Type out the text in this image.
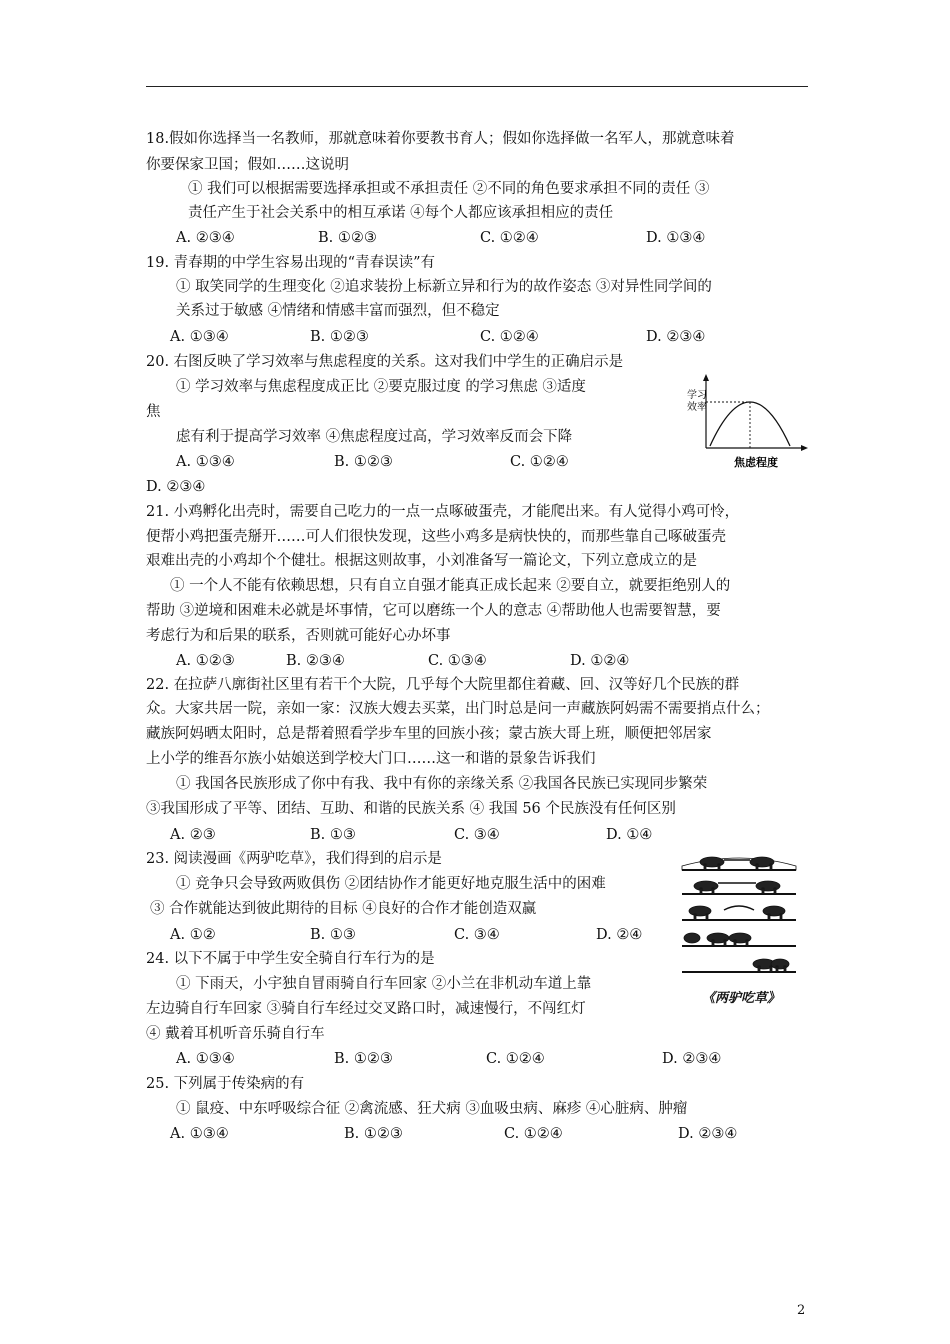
18.假如你选择当一名教师，那就意味着你要教书育人；假如你选择做一名军人，那就意味着
你要保家卫国；假如……这说明
① 我们可以根据需要选择承担或不承担责任 ②不同的角色要求承担不同的责任 ③
责任产生于社会关系中的相互承诺 ④每个人都应该承担相应的责任
A. ②③④	B. ①②③	C. ①②④	D. ①③④
19. 青春期的中学生容易出现的“青春误读”有
① 取笑同学的生理变化 ②追求装扮上标新立异和行为的故作姿态 ③对异性同学间的
关系过于敏感 ④情绪和情感丰富而强烈，但不稳定
A. ①③④	B. ①②③	C. ①②④	D. ②③④
20. 右图反映了学习效率与焦虑程度的关系。这对我们中学生的正确启示是
① 学习效率与焦虑程度成正比 ②要克服过度 的学习焦虑 ③适度
焦
虑有利于提高学习效率 ④焦虑程度过高，学习效率反而会下降
A. ①③④	B. ①②③	C. ①②④
D. ②③④
学习
效率
焦虑程度
21. 小鸡孵化出壳时，需要自己吃力的一点一点啄破蛋壳，才能爬出来。有人觉得小鸡可怜，
便帮小鸡把蛋壳掰开……可人们很快发现，这些小鸡多是病快快的，而那些靠自己啄破蛋壳
艰难出壳的小鸡却个个健壮。根据这则故事，小刘准备写一篇论文，下列立意成立的是
① 一个人不能有依赖思想，只有自立自强才能真正成长起来 ②要自立，就要拒绝别人的
帮助 ③逆境和困难未必就是坏事情，它可以磨练一个人的意志 ④帮助他人也需要智慧，要
考虑行为和后果的联系，否则就可能好心办坏事
A. ①②③	B. ②③④	C. ①③④	D. ①②④
22. 在拉萨八廓街社区里有若干个大院，几乎每个大院里都住着藏、回、汉等好几个民族的群
众。大家共居一院，亲如一家：汉族大嫂去买菜，出门时总是问一声藏族阿妈需不需要捎点什么；
藏族阿妈晒太阳时，总是帮着照看学步车里的回族小孩；蒙古族大哥上班，顺便把邻居家
上小学的维吾尔族小姑娘送到学校大门口……这一和谐的景象告诉我们
① 我国各民族形成了你中有我、我中有你的亲缘关系 ②我国各民族已实现同步繁荣
③我国形成了平等、团结、互助、和谐的民族关系 ④ 我国 56 个民族没有任何区别
A. ②③	B. ①③	C. ③④	D. ①④
23. 阅读漫画《两驴吃草》，我们得到的启示是
① 竞争只会导致两败俱伤 ②团结协作才能更好地克服生活中的困难
③ 合作就能达到彼此期待的目标 ④良好的合作才能创造双赢
A. ①②	B. ①③	C. ③④	D. ②④
《两驴吃草》
24. 以下不属于中学生安全骑自行车行为的是
① 下雨天，小宇独自冒雨骑自行车回家 ②小兰在非机动车道上靠
左边骑自行车回家 ③骑自行车经过交叉路口时，减速慢行，不闯红灯
④ 戴着耳机听音乐骑自行车
A. ①③④	B. ①②③	C. ①②④	D. ②③④
25. 下列属于传染病的有
① 鼠疫、中东呼吸综合征 ②禽流感、狂犬病 ③血吸虫病、麻疹 ④心脏病、肿瘤
A. ①③④	B. ①②③	C. ①②④	D. ②③④
2
